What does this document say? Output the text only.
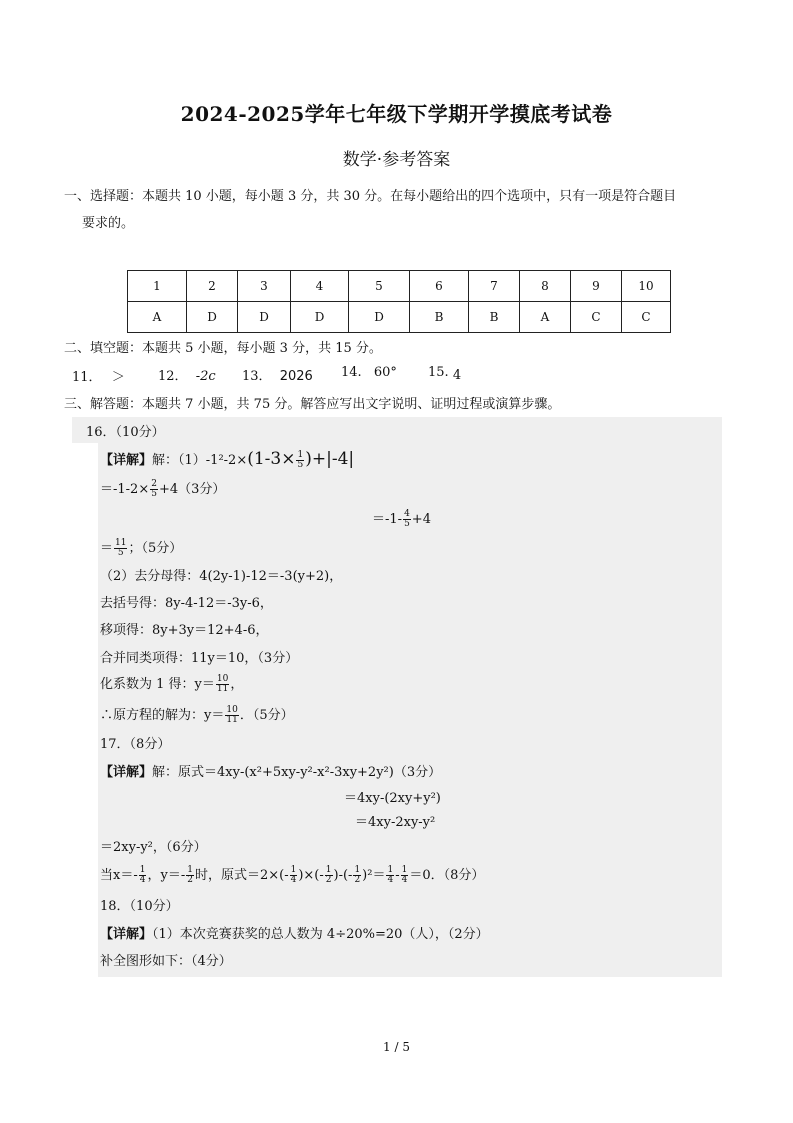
2024-2025学年七年级下学期开学摸底考试卷
数学·参考答案
一、选择题：本题共 10 小题，每小题 3 分，共 30 分。在每小题给出的四个选项中，只有一项是符合题目
要求的。
1	2	3	4	5	6	7	8	9	10
A	D	D	D	D	B	B	A	C	C
二、填空题：本题共 5 小题，每小题 3 分，共 15 分。
11． ＞	12． -2c 13． 2026 14. 60° 15. 4
三、解答题：本题共 7 小题，共 75 分。解答应写出文字说明、证明过程或演算步骤。
16．（10分）
【详解】解：$(1)-1^2-2\times(1-3\times \frac{1}{5} )+|-4|$
$=-1-2\times \frac{2}{5} +4(3$分）
$=-1- \frac{4}{5} +4$
＝ $\frac{11}{5}$ ；（5分）
（2）去分母得：4(2y-1)-12＝-3(y+2)，
去括号得：8y-4-12＝-3y-6，
移项得：8y+3y＝12+4-6，
合并同类项得：11y＝10，（3分）
化系数为 1 得：$y= \frac{10}{11}$ ，
∴原方程的解为：$y= \frac{10}{11}$ ．（5分）
17．（8分）
【详解】解：原式＝4xy-(x²+5xy-y²-x²-3xy+2y²)（3分）
＝4xy-(2xy+y²)
＝4xy-2xy-y²
＝2xy-y²，（6分）
当$x=- \frac{1}{4}$ ，$y=- \frac{1}{2}$ 时，原式$=2\times(- \frac{1}{4}$ )×(- $\frac{1}{2}$ )-(- $\frac{1}{2} )^2= \frac{1}{4} - \frac{1}{4} =0$．（8分）
18．（10分）
【详解】（1）本次竞赛获奖的总人数为 4÷20%=20（人），（2分）
补全图形如下：（4分）
1 / 5
